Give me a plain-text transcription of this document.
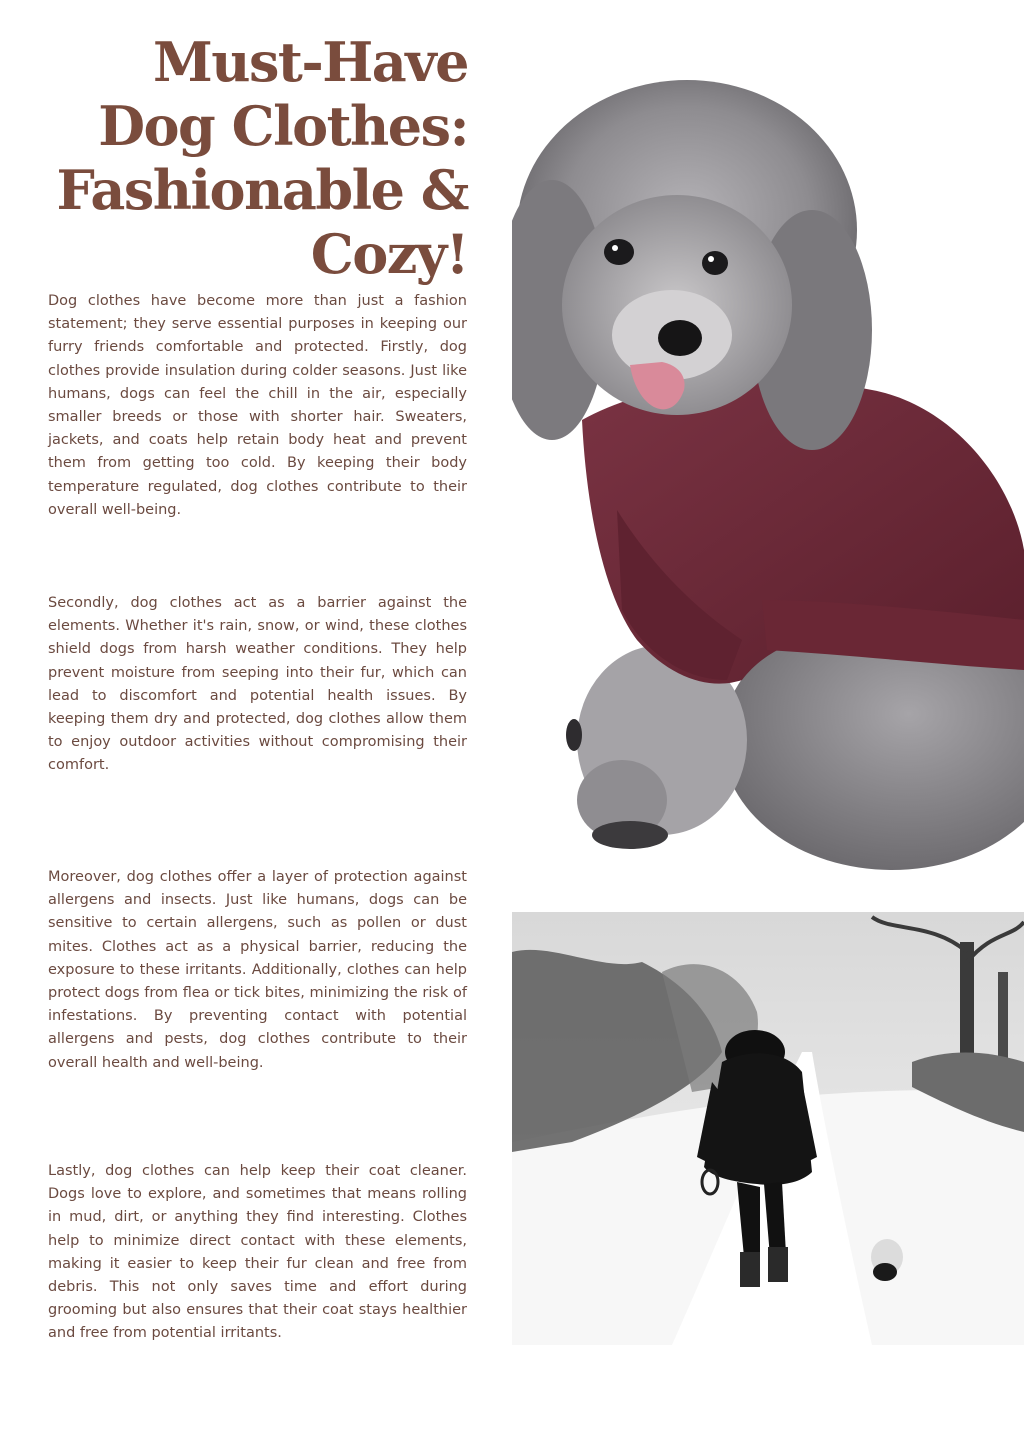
Must-Have Dog Clothes: Fashionable & Cozy!

Dog clothes have become more than just a fashion statement; they serve essential purposes in keeping our furry friends comfortable and protected. Firstly, dog clothes provide insulation during colder seasons. Just like humans, dogs can feel the chill in the air, especially smaller breeds or those with shorter hair. Sweaters, jackets, and coats help retain body heat and prevent them from getting too cold. By keeping their body temperature regulated, dog clothes contribute to their overall well-being.

Secondly, dog clothes act as a barrier against the elements. Whether it's rain, snow, or wind, these clothes shield dogs from harsh weather conditions. They help prevent moisture from seeping into their fur, which can lead to discomfort and potential health issues. By keeping them dry and protected, dog clothes allow them to enjoy outdoor activities without compromising their comfort.

Moreover, dog clothes offer a layer of protection against allergens and insects. Just like humans, dogs can be sensitive to certain allergens, such as pollen or dust mites. Clothes act as a physical barrier, reducing the exposure to these irritants. Additionally, clothes can help protect dogs from flea or tick bites, minimizing the risk of infestations. By preventing contact with potential allergens and pests, dog clothes contribute to their overall health and well-being.

Lastly, dog clothes can help keep their coat cleaner. Dogs love to explore, and sometimes that means rolling in mud, dirt, or anything they find interesting. Clothes help to minimize direct contact with these elements, making it easier to keep their fur clean and free from debris. This not only saves time and effort during grooming but also ensures that their coat stays healthier and free from potential irritants.
